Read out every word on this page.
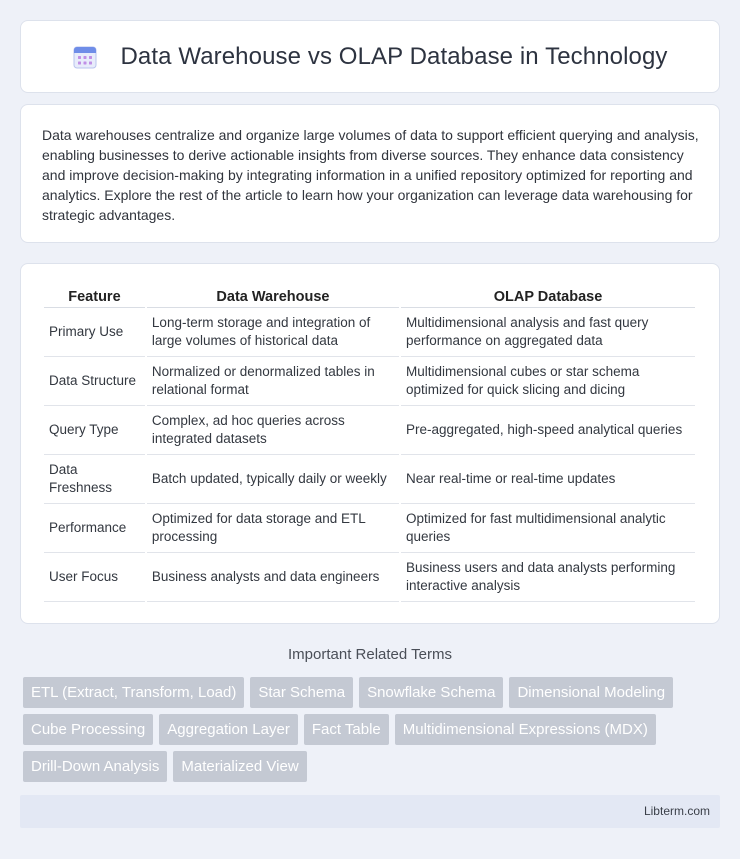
Data Warehouse vs OLAP Database in Technology

Data warehouses centralize and organize large volumes of data to support efficient querying and analysis, enabling businesses to derive actionable insights from diverse sources. They enhance data consistency and improve decision-making by integrating information in a unified repository optimized for reporting and analytics. Explore the rest of the article to learn how your organization can leverage data warehousing for strategic advantages.

Feature	Data Warehouse	OLAP Database
Primary Use	Long-term storage and integration of large volumes of historical data	Multidimensional analysis and fast query performance on aggregated data
Data Structure	Normalized or denormalized tables in relational format	Multidimensional cubes or star schema optimized for quick slicing and dicing
Query Type	Complex, ad hoc queries across integrated datasets	Pre-aggregated, high-speed analytical queries
Data Freshness	Batch updated, typically daily or weekly	Near real-time or real-time updates
Performance	Optimized for data storage and ETL processing	Optimized for fast multidimensional analytic queries
User Focus	Business analysts and data engineers	Business users and data analysts performing interactive analysis
Important Related Terms
ETL (Extract, Transform, Load)	Star Schema	Snowflake Schema	Dimensional Modeling
Cube Processing	Aggregation Layer	Fact Table	Multidimensional Expressions (MDX)
Drill-Down Analysis	Materialized View
Libterm.com
